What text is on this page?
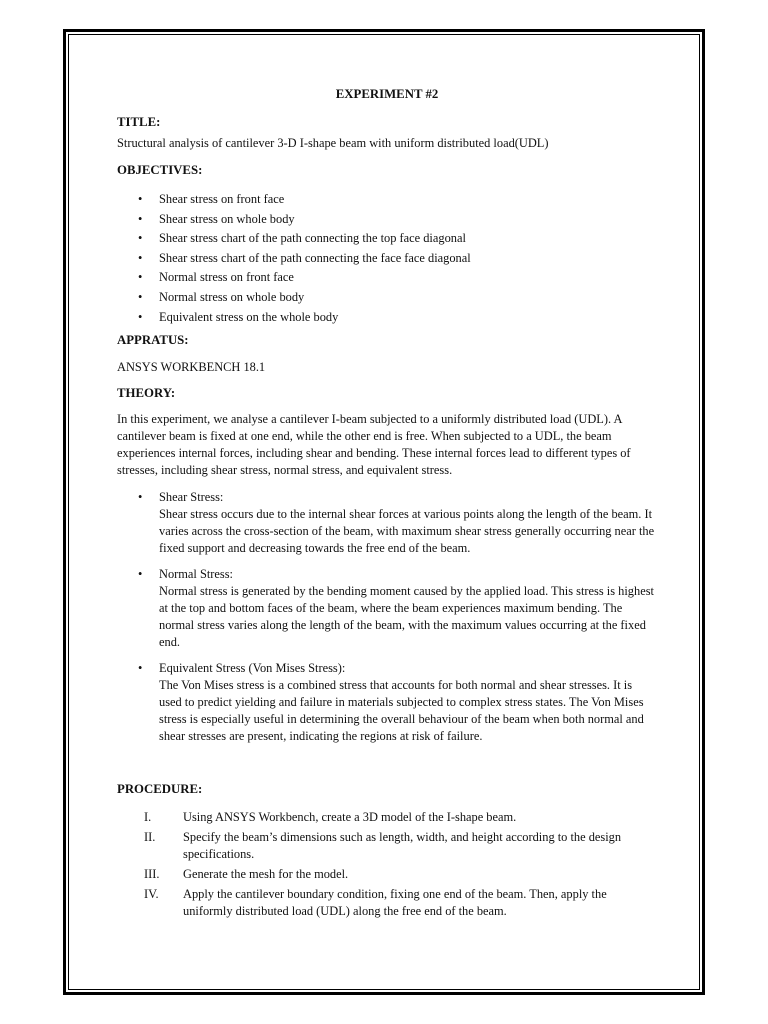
EXPERIMENT #2
TITLE:

Structural analysis of cantilever 3-D I-shape beam with uniform distributed load(UDL)

OBJECTIVES:
• Shear stress on front face
• Shear stress on whole body
• Shear stress chart of the path connecting the top face diagonal
• Shear stress chart of the path connecting the face face diagonal
• Normal stress on front face
• Normal stress on whole body
• Equivalent stress on the whole body
APPRATUS:

ANSYS WORKBENCH 18.1

THEORY:

In this experiment, we analyse a cantilever I-beam subjected to a uniformly distributed load (UDL). A cantilever beam is fixed at one end, while the other end is free. When subjected to a UDL, the beam experiences internal forces, including shear and bending. These internal forces lead to different types of stresses, including shear stress, normal stress, and equivalent stress.

• Shear Stress:
Shear stress occurs due to the internal shear forces at various points along the length of the beam. It varies across the cross-section of the beam, with maximum shear stress generally occurring near the fixed support and decreasing towards the free end of the beam.
• Normal Stress:
Normal stress is generated by the bending moment caused by the applied load. This stress is highest at the top and bottom faces of the beam, where the beam experiences maximum bending. The normal stress varies along the length of the beam, with the maximum values occurring at the fixed end.
• Equivalent Stress (Von Mises Stress):
The Von Mises stress is a combined stress that accounts for both normal and shear stresses. It is used to predict yielding and failure in materials subjected to complex stress states. The Von Mises stress is especially useful in determining the overall behaviour of the beam when both normal and shear stresses are present, indicating the regions at risk of failure.
PROCEDURE:
I.	Using ANSYS Workbench, create a 3D model of the I-shape beam.
II. Specify the beam’s dimensions such as length, width, and height according to the design specifications.
III. Generate the mesh for the model.
IV. Apply the cantilever boundary condition, fixing one end of the beam. Then, apply the uniformly distributed load (UDL) along the free end of the beam.
